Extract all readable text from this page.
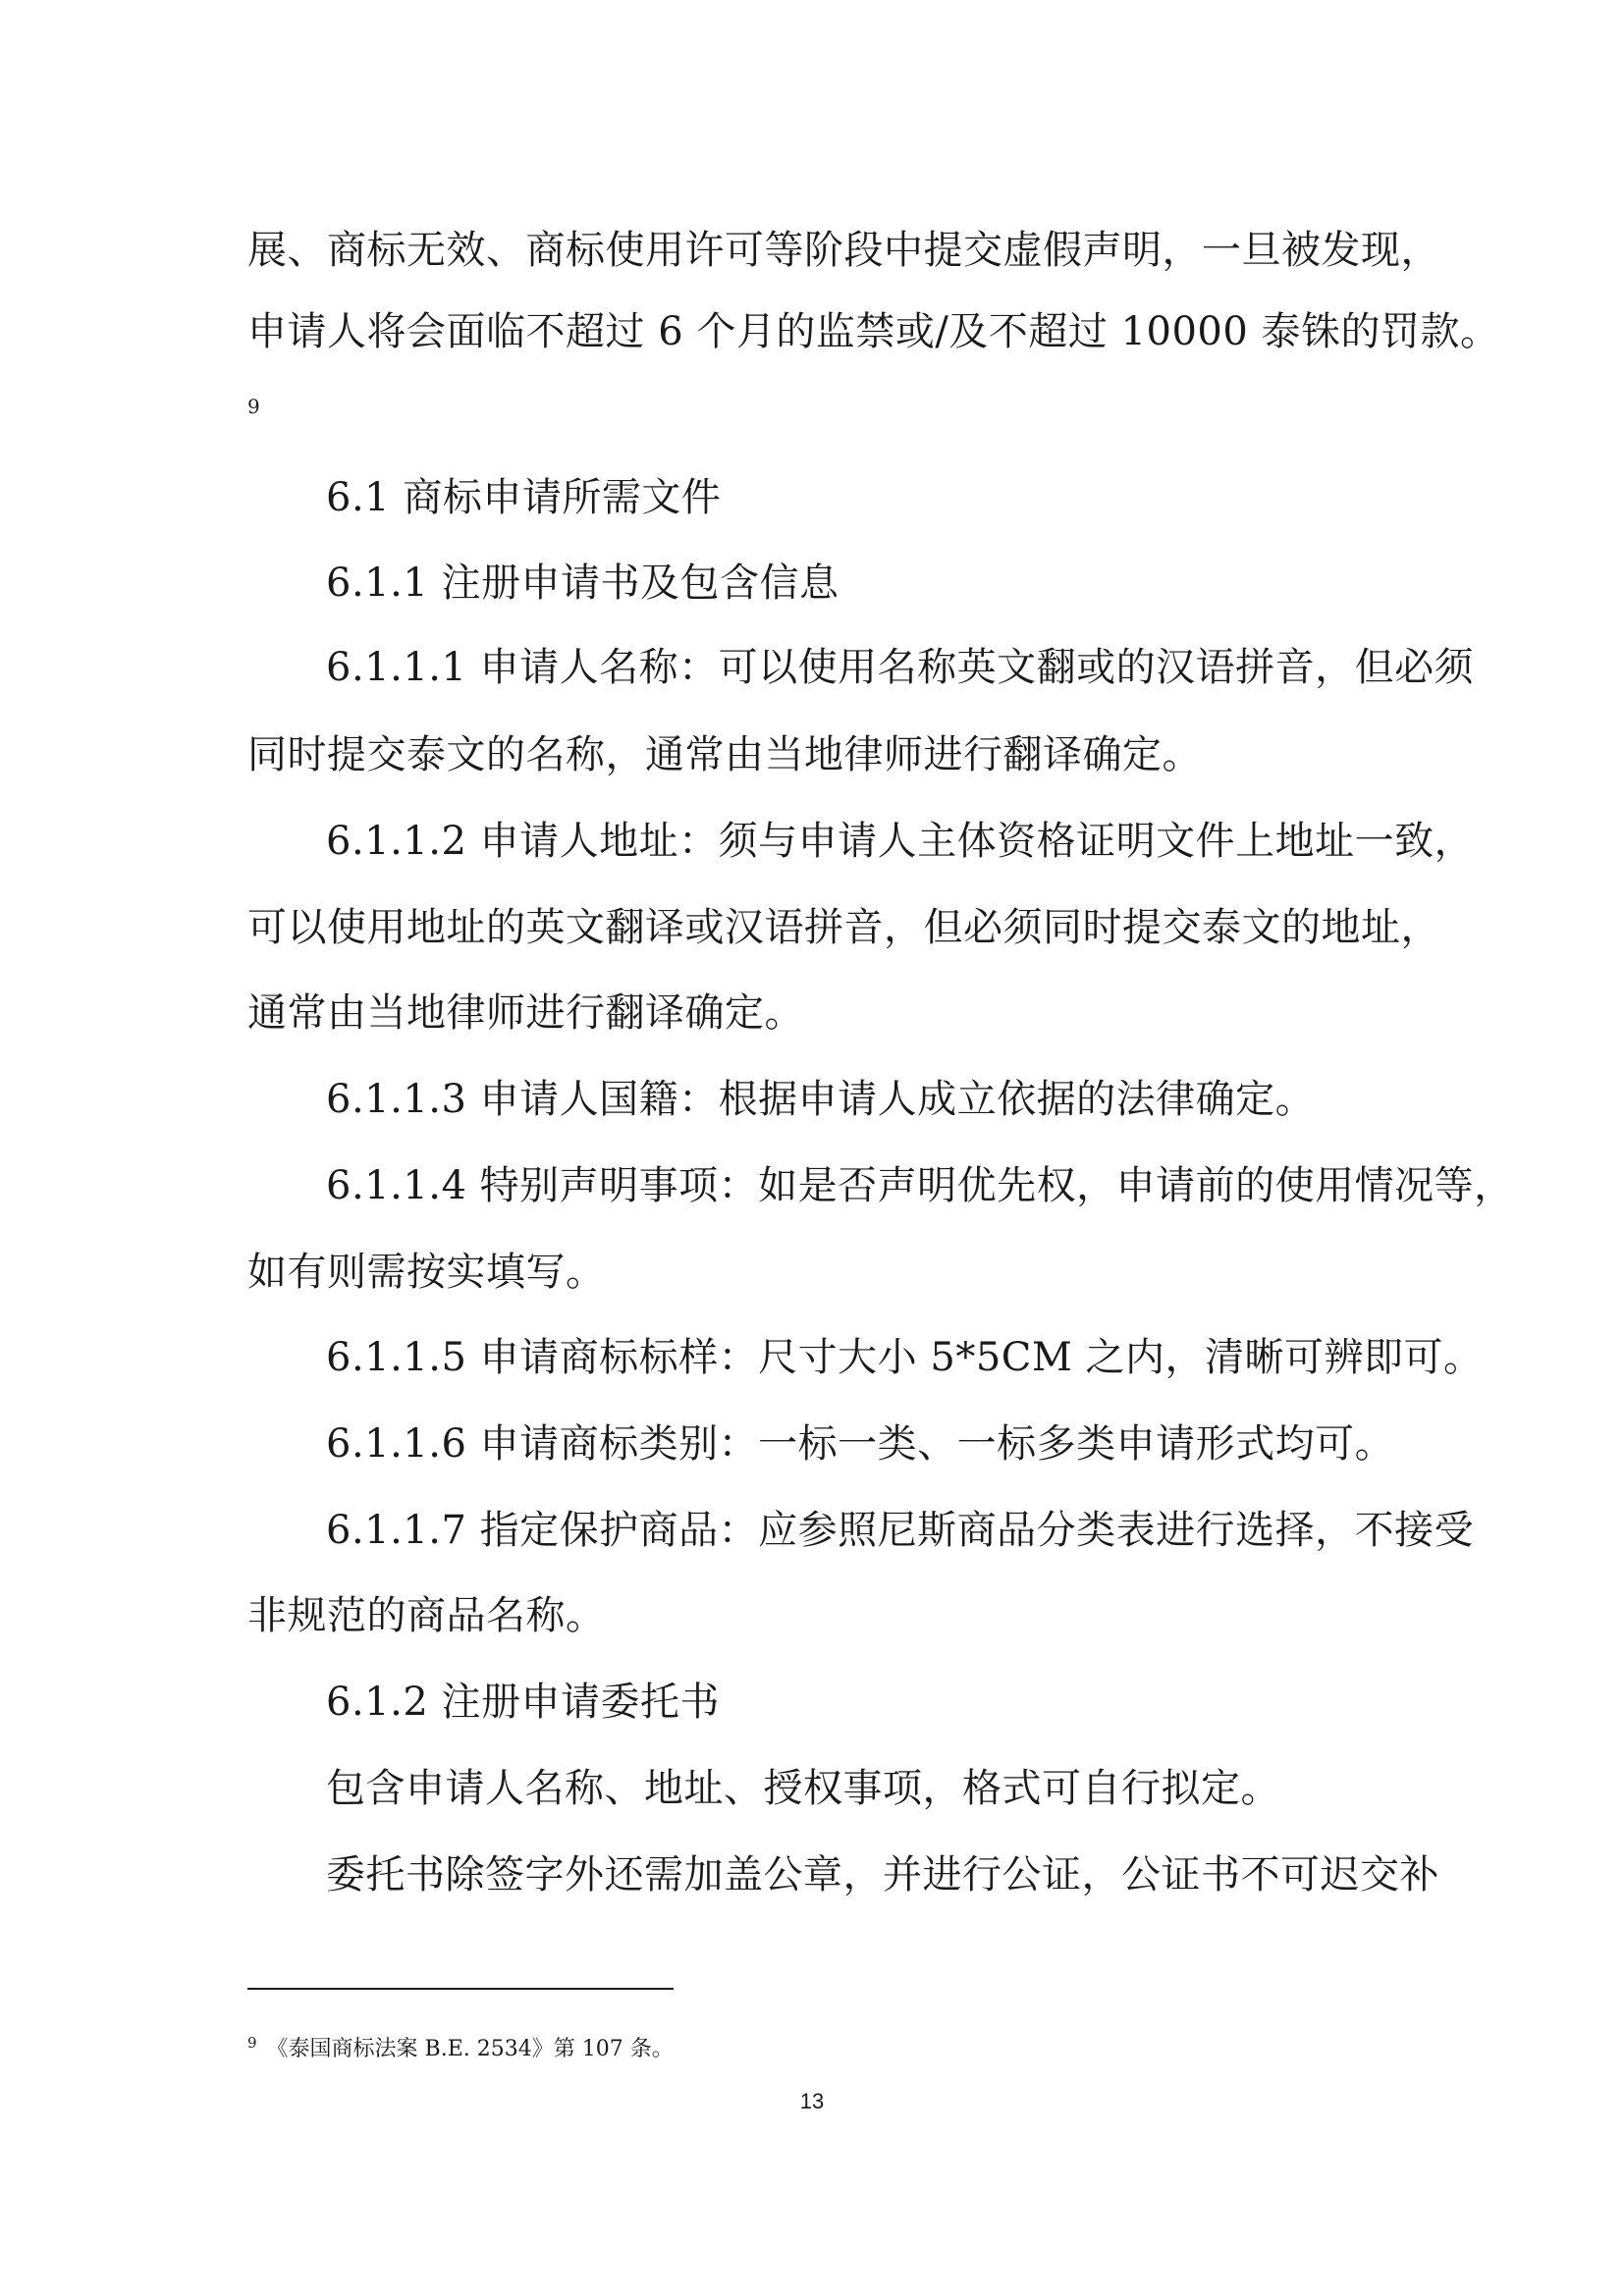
展、商标无效、商标使用许可等阶段中提交虚假声明，一旦被发现，
申请人将会面临不超过 6 个月的监禁或/及不超过 10000 泰铢的罚款。
9
6.1 商标申请所需文件
6.1.1 注册申请书及包含信息
6.1.1.1 申请人名称：可以使用名称英文翻或的汉语拼音，但必须
同时提交泰文的名称，通常由当地律师进行翻译确定。
6.1.1.2 申请人地址：须与申请人主体资格证明文件上地址一致，
可以使用地址的英文翻译或汉语拼音，但必须同时提交泰文的地址，
通常由当地律师进行翻译确定。
6.1.1.3 申请人国籍：根据申请人成立依据的法律确定。
6.1.1.4 特别声明事项：如是否声明优先权，申请前的使用情况等，
如有则需按实填写。
6.1.1.5 申请商标标样：尺寸大小 5*5CM 之内，清晰可辨即可。
6.1.1.6 申请商标类别：一标一类、一标多类申请形式均可。
6.1.1.7 指定保护商品：应参照尼斯商品分类表进行选择，不接受
非规范的商品名称。
6.1.2 注册申请委托书
包含申请人名称、地址、授权事项，格式可自行拟定。
委托书除签字外还需加盖公章，并进行公证，公证书不可迟交补
$^9$ 《泰国商标法案 B.E. 2534》第 107 条。
13
